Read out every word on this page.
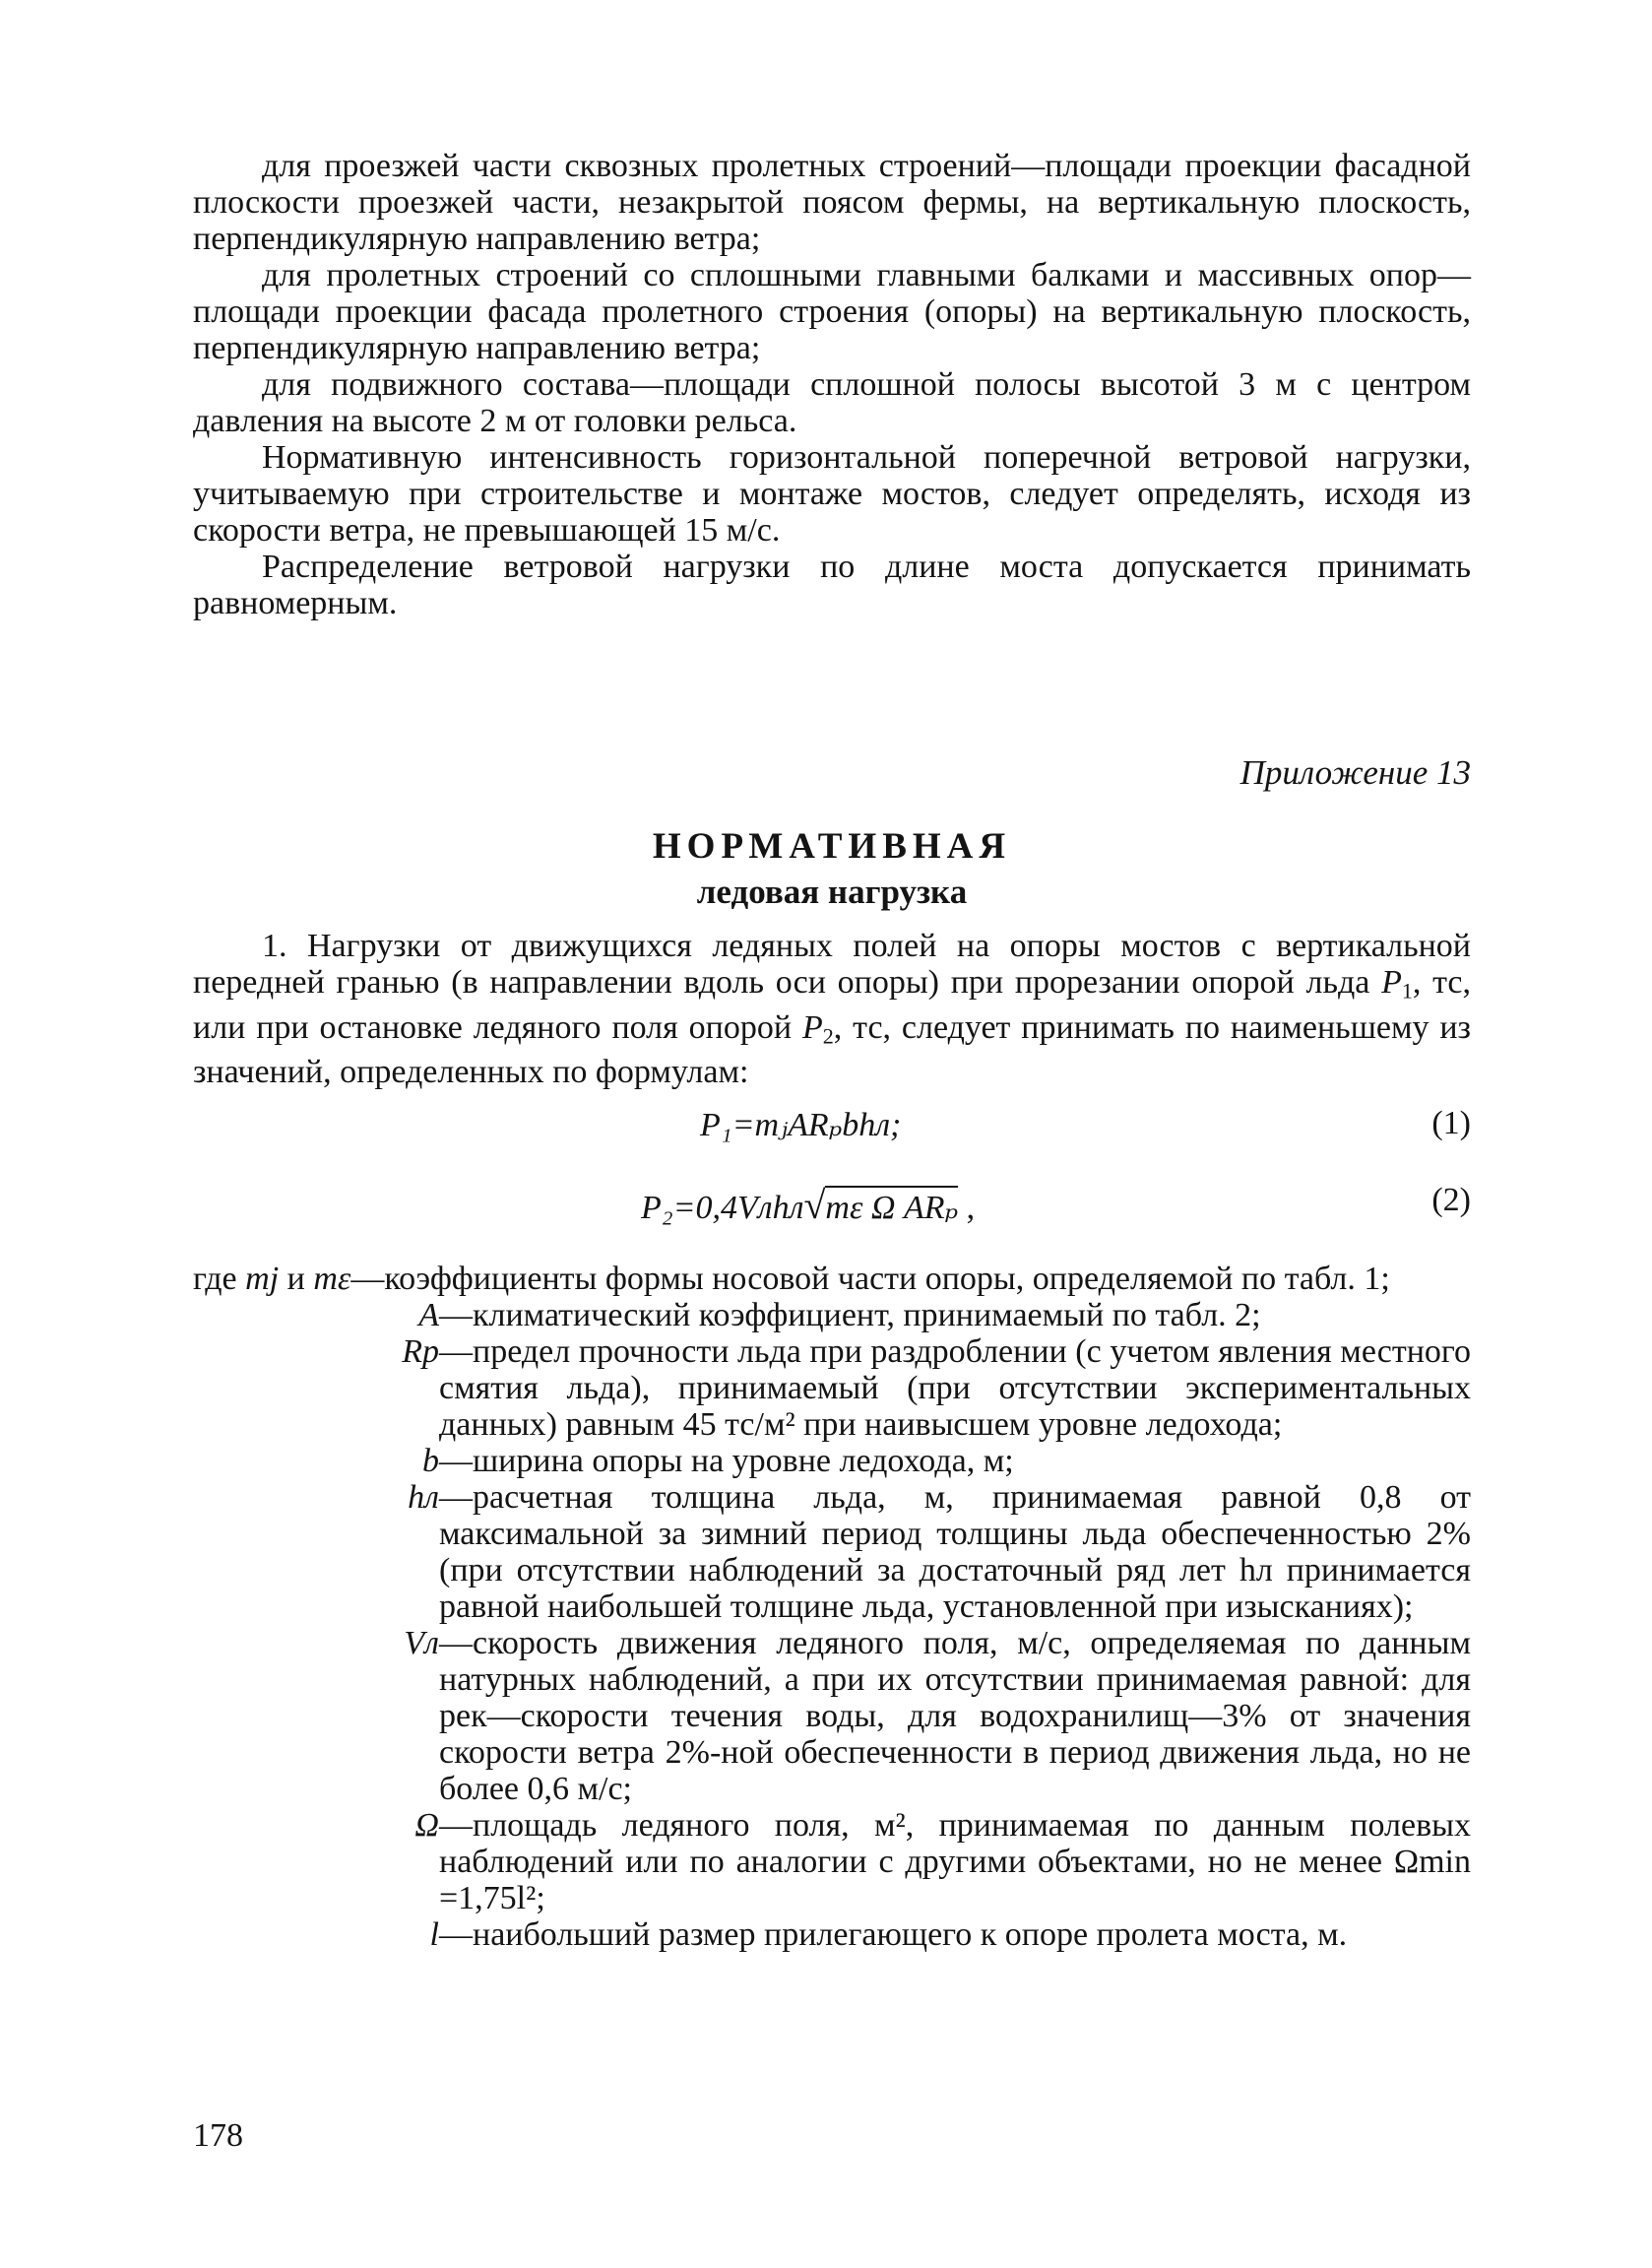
для проезжей части сквозных пролетных строений—площади проекции фасадной плоскости проезжей части, незакрытой поясом фермы, на вертикальную плоскость, перпендикулярную направлению ветра;

для пролетных строений со сплошными главными балками и массивных опор—площади проекции фасада пролетного строения (опоры) на вертикальную плоскость, перпендикулярную направлению ветра;

для подвижного состава—площади сплошной полосы высотой 3 м с центром давления на высоте 2 м от головки рельса.

Нормативную интенсивность горизонтальной поперечной ветровой нагрузки, учитываемую при строительстве и монтаже мостов, следует определять, исходя из скорости ветра, не превышающей 15 м/с.

Распределение ветровой нагрузки по длине моста допускается принимать равномерным.

Приложение 13
НОРМАТИВНАЯ
ледовая нагрузка

1. Нагрузки от движущихся ледяных полей на опоры мостов с вертикальной передней гранью (в направлении вдоль оси опоры) при прорезании опорой льда $P_1$, тс, или при остановке ледяного поля опорой $P_2$, тс, следует принимать по наименьшему из значений, определенных по формулам:

P₁=mⱼARₚbhл;	(1)
P₂=0,4Vлhл√mε Ω ARₚ ,	(2)
где mj и mε—коэффициенты формы носовой части опоры, определяемой по табл. 1;
A —климатический коэффициент, принимаемый по табл. 2;
Rр —предел прочности льда при раздроблении (с учетом явления местного смятия льда), принимаемый (при отсутствии экспериментальных данных) равным 45 тс/м² при наивысшем уровне ледохода;
b —ширина опоры на уровне ледохода, м;
hл —расчетная толщина льда, м, принимаемая равной 0,8 от максимальной за зимний период толщины льда обеспеченностью 2% (при отсутствии наблюдений за достаточный ряд лет hл принимается равной наибольшей толщине льда, установленной при изысканиях);
Vл —скорость движения ледяного поля, м/с, определяемая по данным натурных наблюдений, а при их отсутствии принимаемая равной: для рек—скорости течения воды, для водохранилищ—3% от значения скорости ветра 2%-ной обеспеченности в период движения льда, но не более 0,6 м/с;
Ω —площадь ледяного поля, м², принимаемая по данным полевых наблюдений или по аналогии с другими объектами, но не менее Ωmin =1,75l²;
l —наибольший размер прилегающего к опоре пролета моста, м.
178
